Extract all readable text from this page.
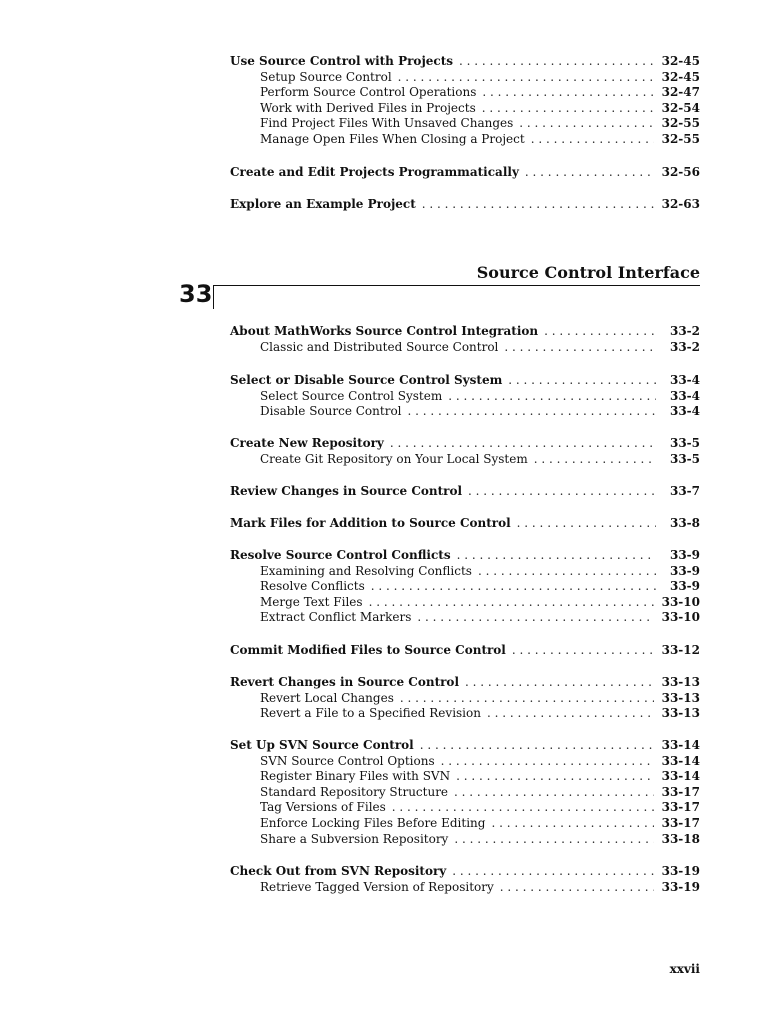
Use Source Control with Projects . . .	32-45
Setup Source Control . . .	32-45
Perform Source Control Operations . . .	32-47
Work with Derived Files in Projects . . .	32-54
Find Project Files With Unsaved Changes . . .	32-55
Manage Open Files When Closing a Project . . .	32-55
Create and Edit Projects Programmatically . . .	32-56
Explore an Example Project . . .	32-63
Source Control Interface
33
About MathWorks Source Control Integration . . .	33-2
Classic and Distributed Source Control . . .	33-2
Select or Disable Source Control System . . .	33-4
Select Source Control System . . .	33-4
Disable Source Control . . .	33-4
Create New Repository . . .	33-5
Create Git Repository on Your Local System . . .	33-5
Review Changes in Source Control . . .	33-7
Mark Files for Addition to Source Control . . .	33-8
Resolve Source Control Conflicts . . .	33-9
Examining and Resolving Conflicts . . .	33-9
Resolve Conflicts . . .	33-9
Merge Text Files . . .	33-10
Extract Conflict Markers . . .	33-10
Commit Modified Files to Source Control . . .	33-12
Revert Changes in Source Control . . .	33-13
Revert Local Changes . . .	33-13
Revert a File to a Specified Revision . . .	33-13
Set Up SVN Source Control . . .	33-14
SVN Source Control Options . . .	33-14
Register Binary Files with SVN . . .	33-14
Standard Repository Structure . . .	33-17
Tag Versions of Files . . .	33-17
Enforce Locking Files Before Editing . . .	33-17
Share a Subversion Repository . . .	33-18
Check Out from SVN Repository . . .	33-19
Retrieve Tagged Version of Repository . . .	33-19
xxvii
